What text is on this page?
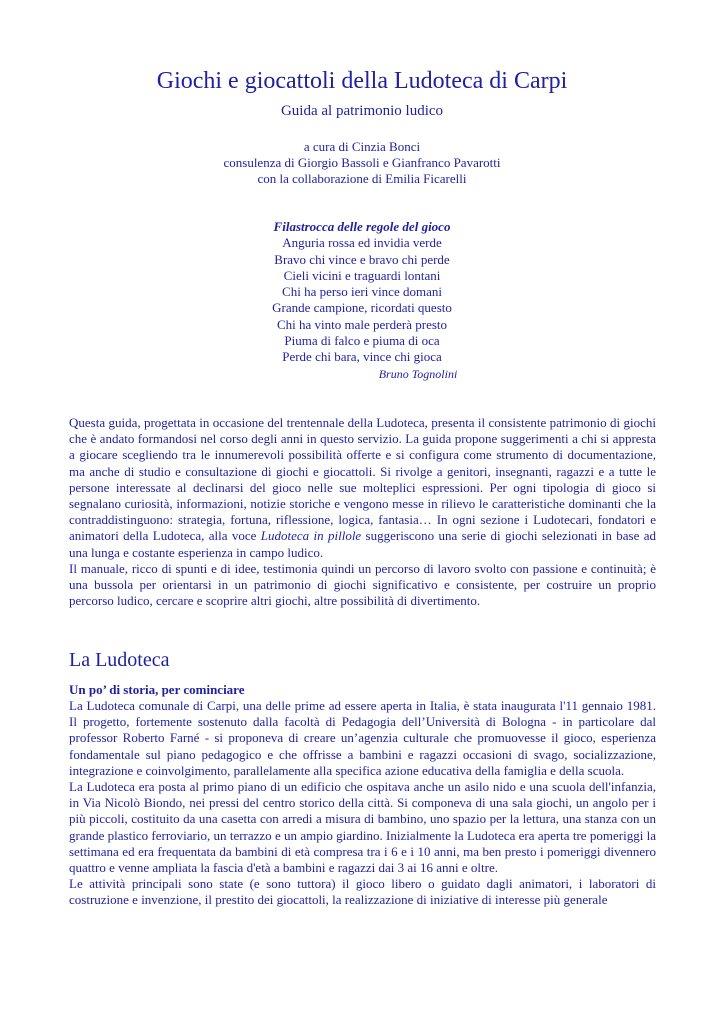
Giochi e giocattoli della Ludoteca di Carpi
Guida al patrimonio ludico
a cura di Cinzia Bonci
consulenza di Giorgio Bassoli e Gianfranco Pavarotti
con la collaborazione di Emilia Ficarelli
Filastrocca delle regole del gioco
Anguria rossa ed invidia verde
Bravo chi vince e bravo chi perde
Cieli vicini e traguardi lontani
Chi ha perso ieri vince domani
Grande campione, ricordati questo
Chi ha vinto male perderà presto
Piuma di falco e piuma di oca
Perde chi bara, vince chi gioca
Bruno Tognolini

Questa guida, progettata in occasione del trentennale della Ludoteca, presenta il consistente patrimonio di giochi che è andato formandosi nel corso degli anni in questo servizio. La guida propone suggerimenti a chi si appresta a giocare scegliendo tra le innumerevoli possibilità offerte e si configura come strumento di documentazione, ma anche di studio e consultazione di giochi e giocattoli. Si rivolge a genitori, insegnanti, ragazzi e a tutte le persone interessate al declinarsi del gioco nelle sue molteplici espressioni. Per ogni tipologia di gioco si segnalano curiosità, informazioni, notizie storiche e vengono messe in rilievo le caratteristiche dominanti che la contraddistinguono: strategia, fortuna, riflessione, logica, fantasia… In ogni sezione i Ludotecari, fondatori e animatori della Ludoteca, alla voce Ludoteca in pillole suggeriscono una serie di giochi selezionati in base ad una lunga e costante esperienza in campo ludico.

Il manuale, ricco di spunti e di idee, testimonia quindi un percorso di lavoro svolto con passione e continuità; è una bussola per orientarsi in un patrimonio di giochi significativo e consistente, per costruire un proprio percorso ludico, cercare e scoprire altri giochi, altre possibilità di divertimento.

La Ludoteca
Un po’ di storia, per cominciare

La Ludoteca comunale di Carpi, una delle prime ad essere aperta in Italia, è stata inaugurata l'11 gennaio 1981. Il progetto, fortemente sostenuto dalla facoltà di Pedagogia dell’Università di Bologna - in particolare dal professor Roberto Farné - si proponeva di creare un’agenzia culturale che promuovesse il gioco, esperienza fondamentale sul piano pedagogico e che offrisse a bambini e ragazzi occasioni di svago, socializzazione, integrazione e coinvolgimento, parallelamente alla specifica azione educativa della famiglia e della scuola.

La Ludoteca era posta al primo piano di un edificio che ospitava anche un asilo nido e una scuola dell'infanzia, in Via Nicolò Biondo, nei pressi del centro storico della città. Si componeva di una sala giochi, un angolo per i più piccoli, costituito da una casetta con arredi a misura di bambino, uno spazio per la lettura, una stanza con un grande plastico ferroviario, un terrazzo e un ampio giardino. Inizialmente la Ludoteca era aperta tre pomeriggi la settimana ed era frequentata da bambini di età compresa tra i 6 e i 10 anni, ma ben presto i pomeriggi divennero quattro e venne ampliata la fascia d'età a bambini e ragazzi dai 3 ai 16 anni e oltre.

Le attività principali sono state (e sono tuttora) il gioco libero o guidato dagli animatori, i laboratori di costruzione e invenzione, il prestito dei giocattoli, la realizzazione di iniziative di interesse più generale
